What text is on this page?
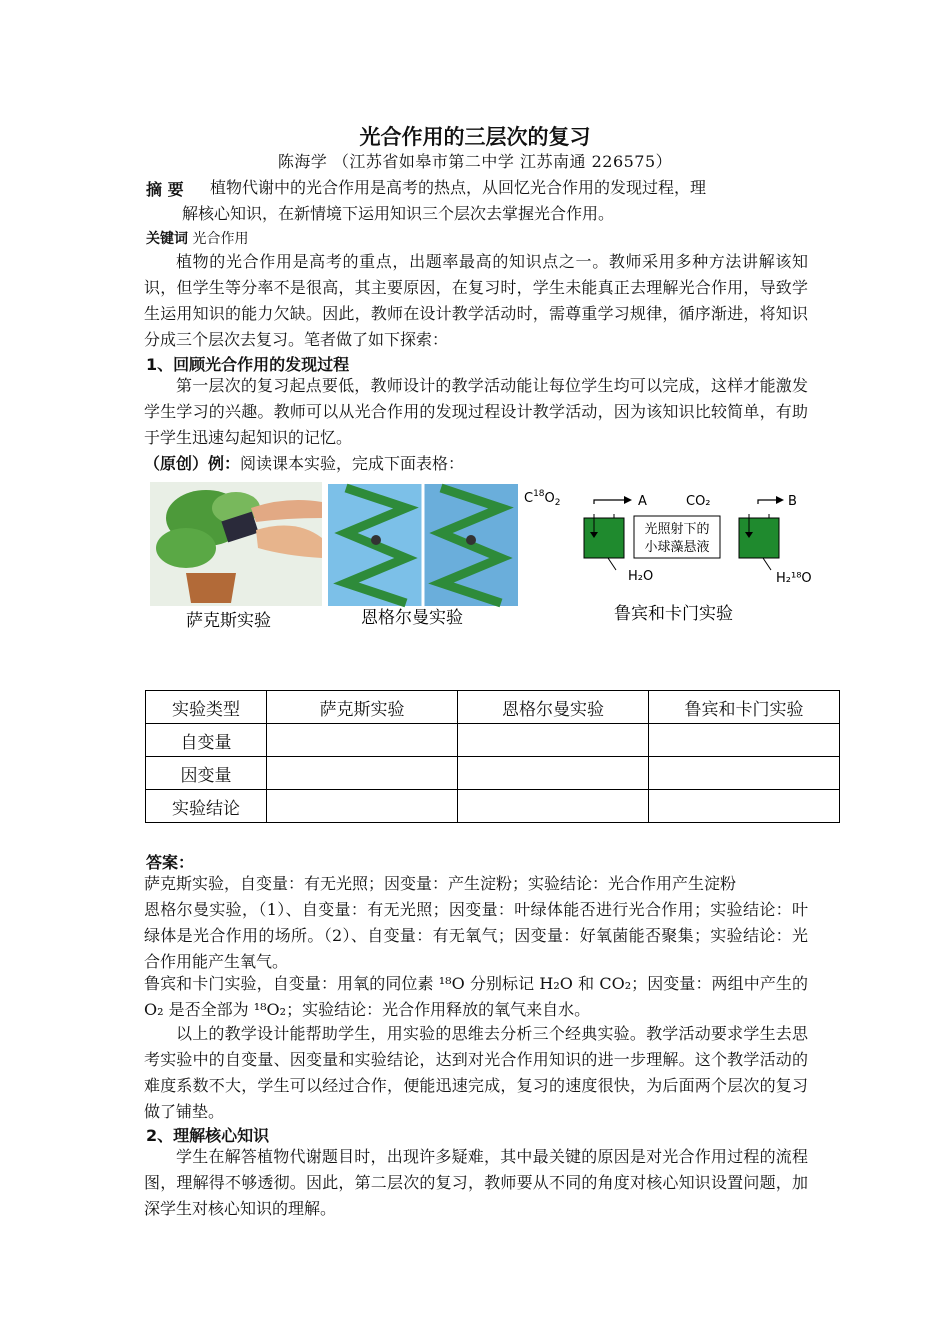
光合作用的三层次的复习
陈海学 （江苏省如皋市第二中学 江苏南通 226575）
摘 要 植物代谢中的光合作用是高考的热点，从回忆光合作用的发现过程，理
解核心知识，在新情境下运用知识三个层次去掌握光合作用。
关键词 光合作用

植物的光合作用是高考的重点，出题率最高的知识点之一。教师采用多种方法讲解该知识，但学生等分率不是很高，其主要原因，在复习时，学生未能真正去理解光合作用，导致学生运用知识的能力欠缺。因此，教师在设计教学活动时，需尊重学习规律，循序渐进，将知识分成三个层次去复习。笔者做了如下探索：

1、回顾光合作用的发现过程

第一层次的复习起点要低，教师设计的教学活动能让每位学生均可以完成，这样才能激发学生学习的兴趣。教师可以从光合作用的发现过程设计教学活动，因为该知识比较简单，有助于学生迅速勾起知识的记忆。

（原创）例：阅读课本实验，完成下面表格：
萨克斯实验	恩格尔曼实验
$C^{18}O_2$	A	CO₂	B
光照射下的
小球藻悬液
H₂O	H₂¹⁸O
鲁宾和卡门实验
实验类型	萨克斯实验	恩格尔曼实验	鲁宾和卡门实验
自变量			
因变量			
实验结论			
答案：

萨克斯实验，自变量：有无光照；因变量：产生淀粉；实验结论：光合作用产生淀粉

恩格尔曼实验，（1）、自变量：有无光照；因变量：叶绿体能否进行光合作用；实验结论：叶绿体是光合作用的场所。（2）、自变量：有无氧气；因变量：好氧菌能否聚集；实验结论：光合作用能产生氧气。

鲁宾和卡门实验，自变量：用氧的同位素 ¹⁸O 分别标记 H₂O 和 CO₂；因变量：两组中产生的 O₂ 是否全部为 ¹⁸O₂；实验结论：光合作用释放的氧气来自水。

以上的教学设计能帮助学生，用实验的思维去分析三个经典实验。教学活动要求学生去思考实验中的自变量、因变量和实验结论，达到对光合作用知识的进一步理解。这个教学活动的难度系数不大，学生可以经过合作，便能迅速完成，复习的速度很快，为后面两个层次的复习做了铺垫。

2、理解核心知识

学生在解答植物代谢题目时，出现许多疑难，其中最关键的原因是对光合作用过程的流程图，理解得不够透彻。因此，第二层次的复习，教师要从不同的角度对核心知识设置问题，加深学生对核心知识的理解。
